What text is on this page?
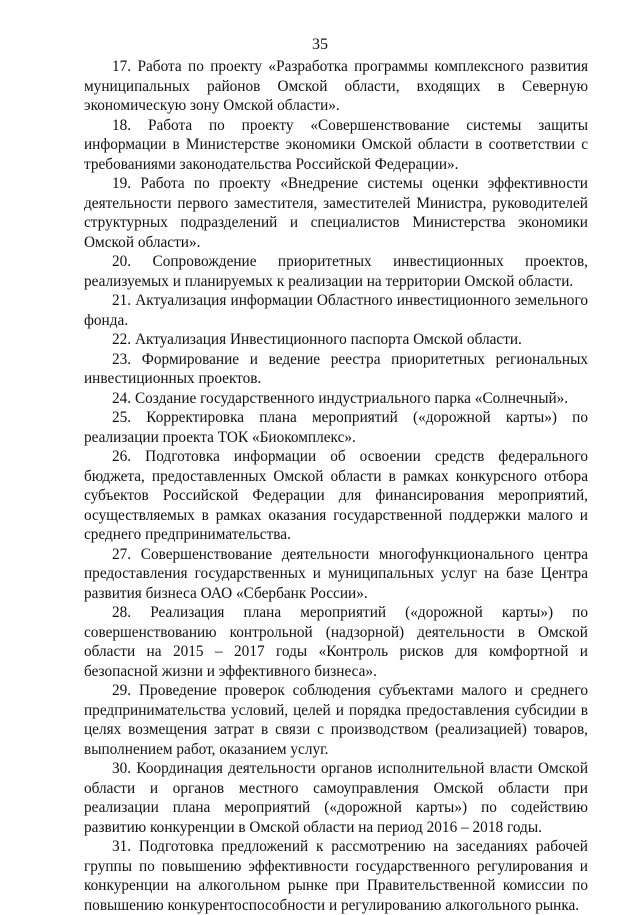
35

17. Работа по проекту «Разработка программы комплексного развития муниципальных районов Омской области, входящих в Северную экономическую зону Омской области».

18. Работа по проекту «Совершенствование системы защиты информации в Министерстве экономики Омской области в соответствии с требованиями законодательства Российской Федерации».

19. Работа по проекту «Внедрение системы оценки эффективности деятельности первого заместителя, заместителей Министра, руководителей структурных подразделений и специалистов Министерства экономики Омской области».

20. Сопровождение приоритетных инвестиционных проектов, реализуемых и планируемых к реализации на территории Омской области.

21. Актуализация информации Областного инвестиционного земельного фонда.

22. Актуализация Инвестиционного паспорта Омской области.

23. Формирование и ведение реестра приоритетных региональных инвестиционных проектов.

24. Создание государственного индустриального парка «Солнечный».

25. Корректировка плана мероприятий («дорожной карты») по реализации проекта ТОК «Биокомплекс».

26. Подготовка информации об освоении средств федерального бюджета, предоставленных Омской области в рамках конкурсного отбора субъектов Российской Федерации для финансирования мероприятий, осуществляемых в рамках оказания государственной поддержки малого и среднего предпринимательства.

27. Совершенствование деятельности многофункционального центра предоставления государственных и муниципальных услуг на базе Центра развития бизнеса ОАО «Сбербанк России».

28. Реализация плана мероприятий («дорожной карты») по совершенствованию контрольной (надзорной) деятельности в Омской области на 2015 – 2017 годы «Контроль рисков для комфортной и безопасной жизни и эффективного бизнеса».

29. Проведение проверок соблюдения субъектами малого и среднего предпринимательства условий, целей и порядка предоставления субсидии в целях возмещения затрат в связи с производством (реализацией) товаров, выполнением работ, оказанием услуг.

30. Координация деятельности органов исполнительной власти Омской области и органов местного самоуправления Омской области при реализации плана мероприятий («дорожной карты») по содействию развитию конкуренции в Омской области на период 2016 – 2018 годы.

31. Подготовка предложений к рассмотрению на заседаниях рабочей группы по повышению эффективности государственного регулирования и конкуренции на алкогольном рынке при Правительственной комиссии по повышению конкурентоспособности и регулированию алкогольного рынка.
